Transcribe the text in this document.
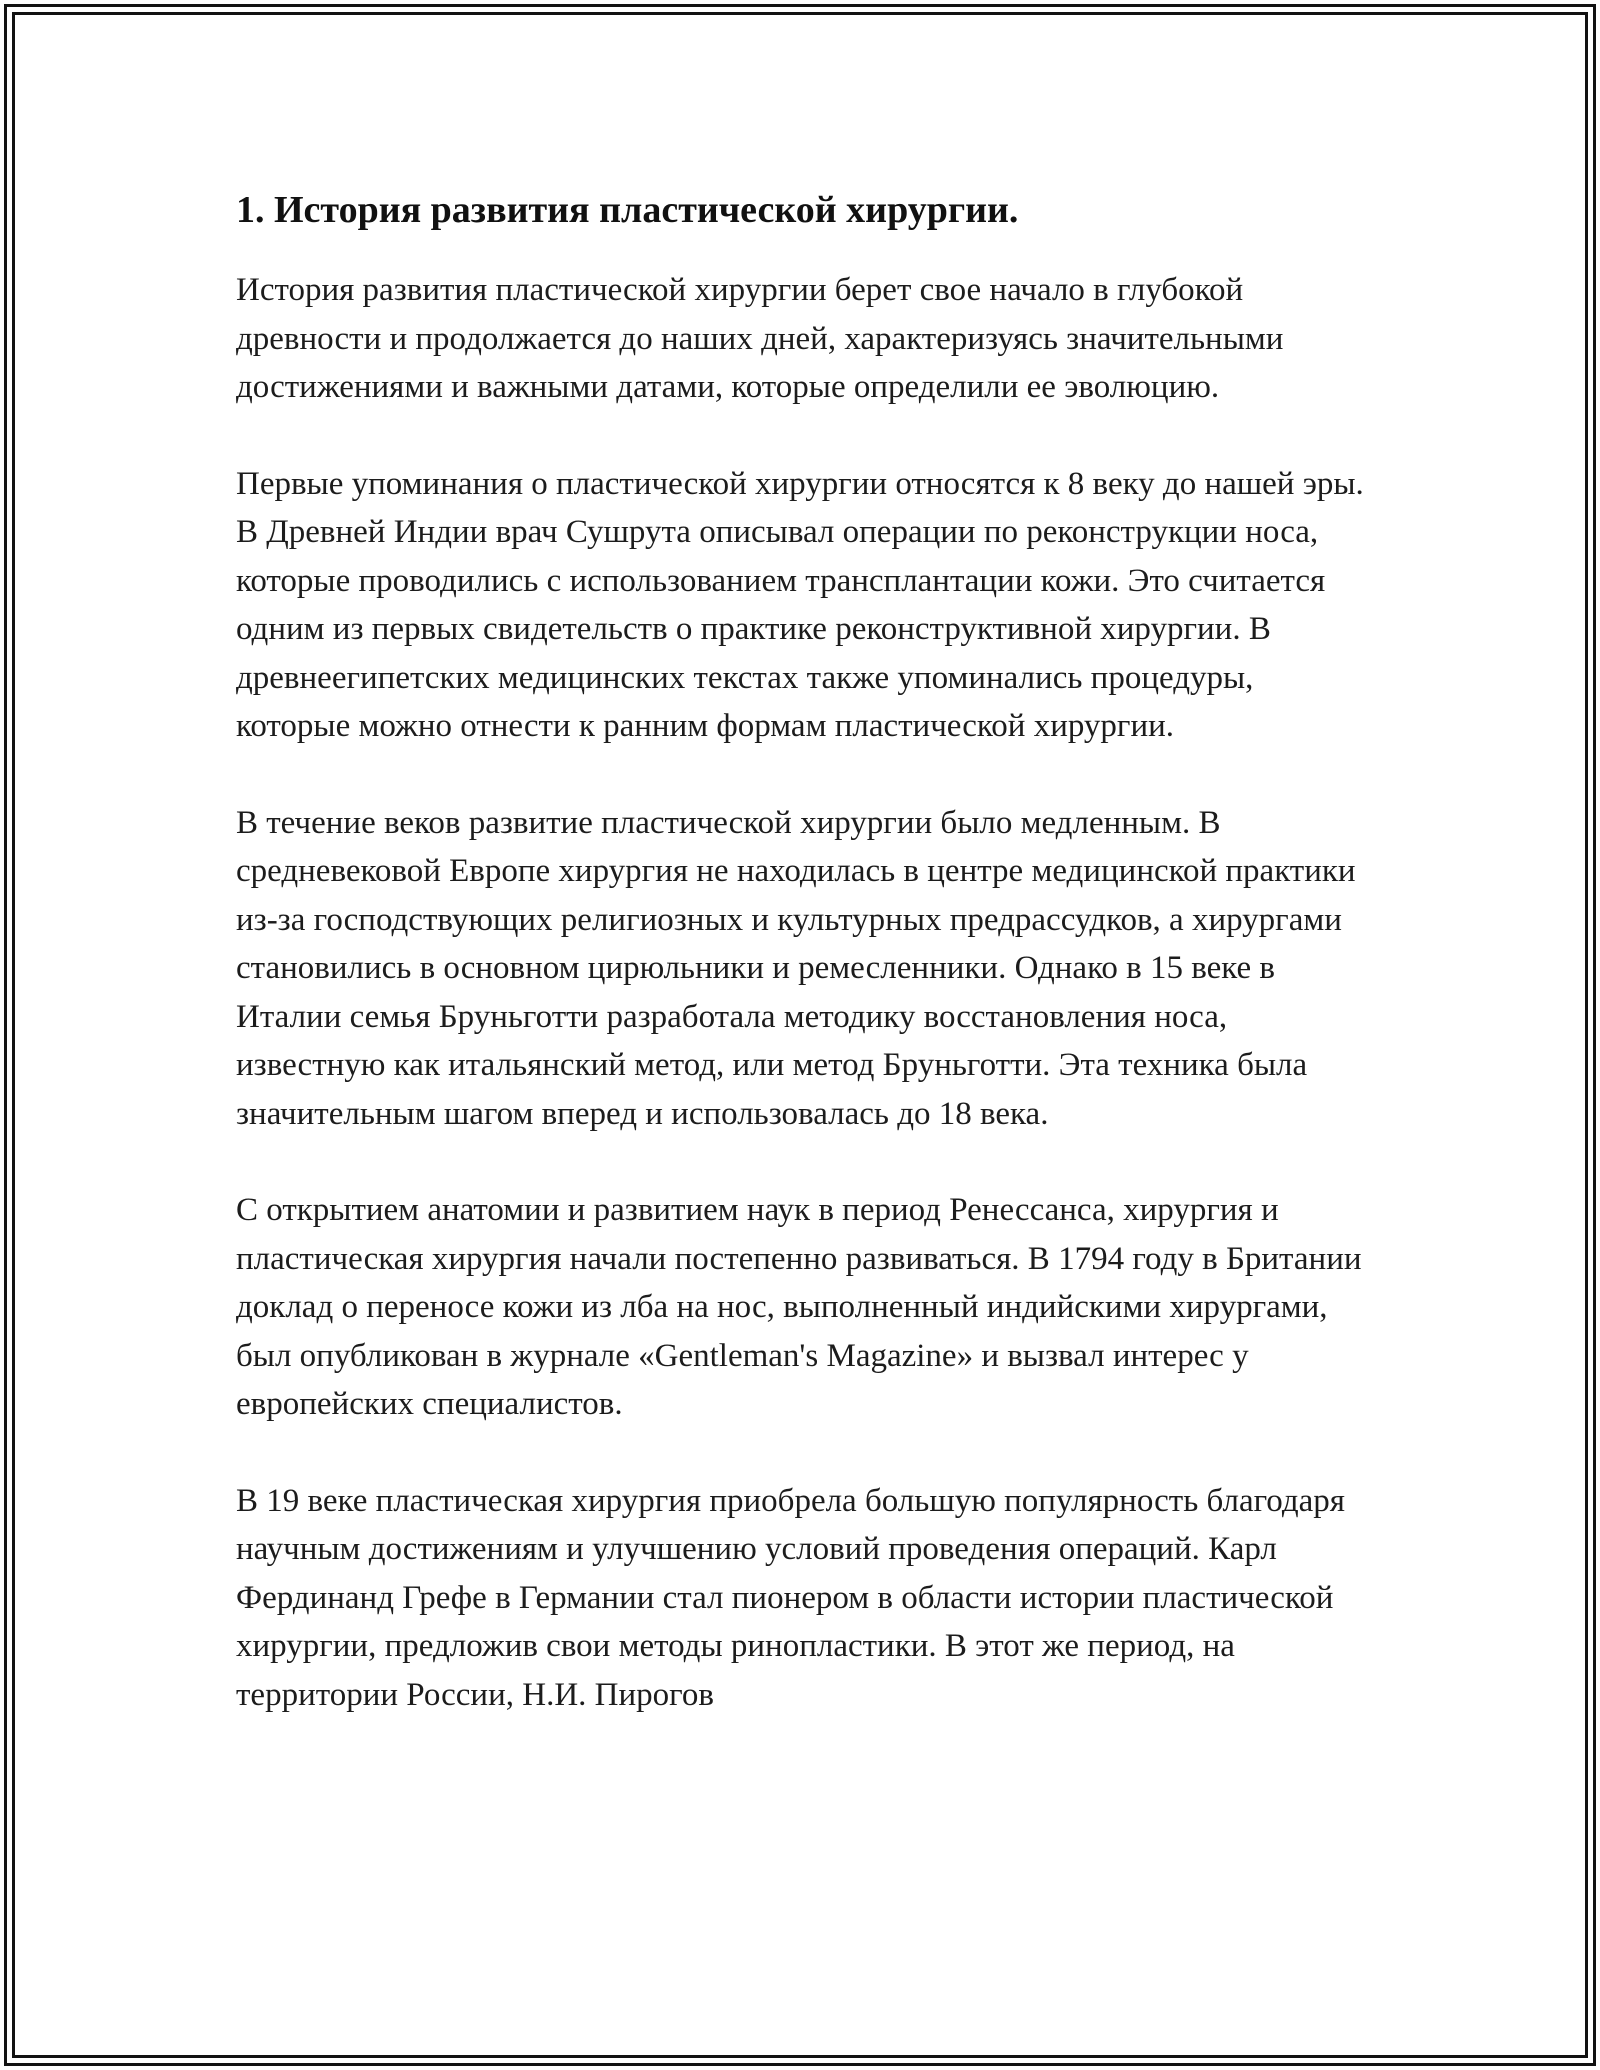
1. История развития пластической хирургии.

История развития пластической хирургии берет свое начало в глубокой древности и продолжается до наших дней, характеризуясь значительными достижениями и важными датами, которые определили ее эволюцию.

Первые упоминания о пластической хирургии относятся к 8 веку до нашей эры. В Древней Индии врач Сушрута описывал операции по реконструкции носа, которые проводились с использованием трансплантации кожи. Это считается одним из первых свидетельств о практике реконструктивной хирургии. В древнеегипетских медицинских текстах также упоминались процедуры, которые можно отнести к ранним формам пластической хирургии.

В течение веков развитие пластической хирургии было медленным. В средневековой Европе хирургия не находилась в центре медицинской практики из-за господствующих религиозных и культурных предрассудков, а хирургами становились в основном цирюльники и ремесленники. Однако в 15 веке в Италии семья Бруньготти разработала методику восстановления носа, известную как итальянский метод, или метод Бруньготти. Эта техника была значительным шагом вперед и использовалась до 18 века.

С открытием анатомии и развитием наук в период Ренессанса, хирургия и пластическая хирургия начали постепенно развиваться. В 1794 году в Британии доклад о переносе кожи из лба на нос, выполненный индийскими хирургами, был опубликован в журнале «Gentleman's Magazine» и вызвал интерес у европейских специалистов.

В 19 веке пластическая хирургия приобрела большую популярность благодаря научным достижениям и улучшению условий проведения операций. Карл Фердинанд Грефе в Германии стал пионером в области истории пластической хирургии, предложив свои методы ринопластики. В этот же период, на территории России, Н.И. Пирогов
